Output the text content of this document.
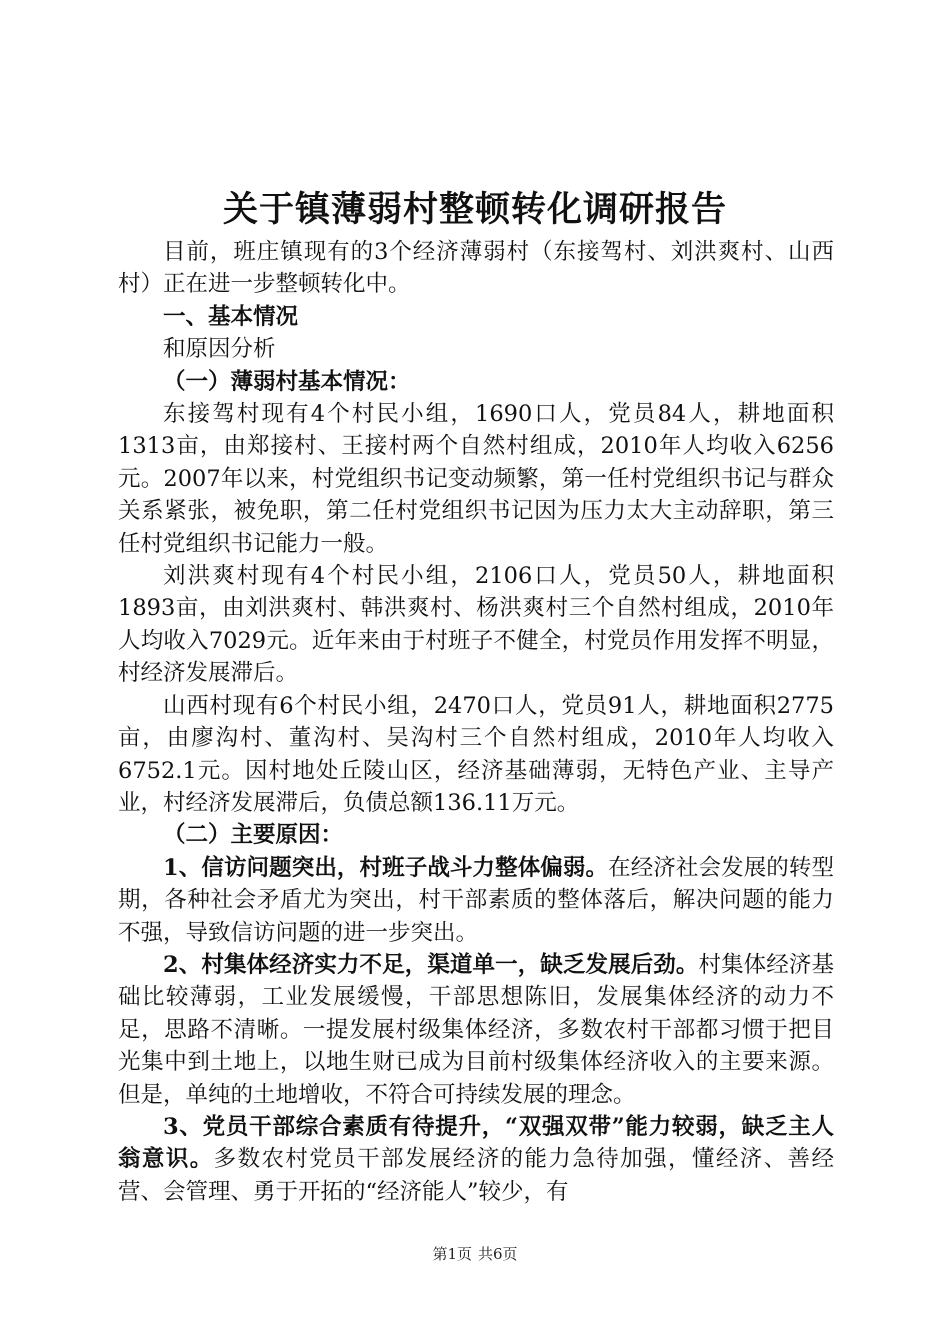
关于镇薄弱村整顿转化调研报告

目前，班庄镇现有的3个经济薄弱村（东接驾村、刘洪爽村、山西村）正在进一步整顿转化中。

一、基本情况

和原因分析

（一）薄弱村基本情况：

东接驾村现有4个村民小组，1690口人，党员84人，耕地面积1313亩，由郑接村、王接村两个自然村组成，2010年人均收入6256元。2007年以来，村党组织书记变动频繁，第一任村党组织书记与群众关系紧张，被免职，第二任村党组织书记因为压力太大主动辞职，第三任村党组织书记能力一般。

刘洪爽村现有4个村民小组，2106口人，党员50人，耕地面积1893亩，由刘洪爽村、韩洪爽村、杨洪爽村三个自然村组成，2010年人均收入7029元。近年来由于村班子不健全，村党员作用发挥不明显，村经济发展滞后。

山西村现有6个村民小组，2470口人，党员91人，耕地面积2775亩，由廖沟村、董沟村、吴沟村三个自然村组成，2010年人均收入6752.1元。因村地处丘陵山区，经济基础薄弱，无特色产业、主导产业，村经济发展滞后，负债总额136.11万元。

（二）主要原因：

1、信访问题突出，村班子战斗力整体偏弱。在经济社会发展的转型期，各种社会矛盾尤为突出，村干部素质的整体落后，解决问题的能力不强，导致信访问题的进一步突出。

2、村集体经济实力不足，渠道单一，缺乏发展后劲。村集体经济基础比较薄弱，工业发展缓慢，干部思想陈旧，发展集体经济的动力不足，思路不清晰。一提发展村级集体经济，多数农村干部都习惯于把目光集中到土地上，以地生财已成为目前村级集体经济收入的主要来源。但是，单纯的土地增收，不符合可持续发展的理念。

3、党员干部综合素质有待提升，“双强双带”能力较弱，缺乏主人翁意识。多数农村党员干部发展经济的能力急待加强，懂经济、善经营、会管理、勇于开拓的“经济能人”较少，有

第1页 共6页
